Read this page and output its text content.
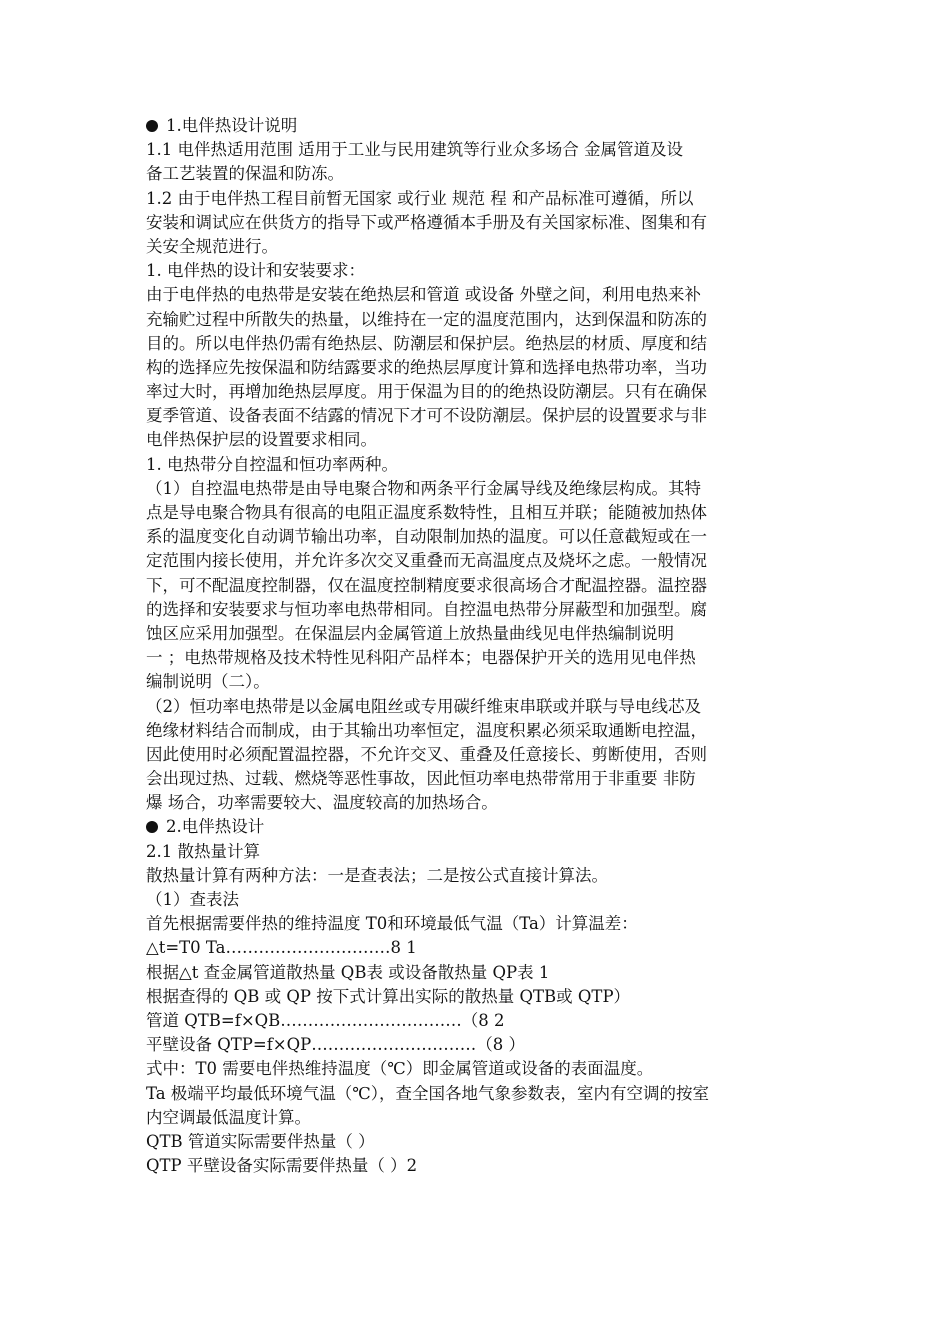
1.电伴热设计说明
1.1 电伴热适用范围 适用于工业与民用建筑等行业众多场合 金属管道及设
备工艺装置的保温和防冻。
1.2 由于电伴热工程目前暂无国家 或行业 规范 程 和产品标准可遵循，所以
安装和调试应在供货方的指导下或严格遵循本手册及有关国家标准、图集和有
关安全规范进行。
1. 电伴热的设计和安装要求：
由于电伴热的电热带是安装在绝热层和管道 或设备 外壁之间，利用电热来补
充输贮过程中所散失的热量，以维持在一定的温度范围内，达到保温和防冻的
目的。所以电伴热仍需有绝热层、防潮层和保护层。绝热层的材质、厚度和结
构的选择应先按保温和防结露要求的绝热层厚度计算和选择电热带功率，当功
率过大时，再增加绝热层厚度。用于保温为目的的绝热设防潮层。只有在确保
夏季管道、设备表面不结露的情况下才可不设防潮层。保护层的设置要求与非
电伴热保护层的设置要求相同。
1. 电热带分自控温和恒功率两种。
（1）自控温电热带是由导电聚合物和两条平行金属导线及绝缘层构成。其特
点是导电聚合物具有很高的电阻正温度系数特性，且相互并联；能随被加热体
系的温度变化自动调节输出功率，自动限制加热的温度。可以任意截短或在一
定范围内接长使用，并允许多次交叉重叠而无高温度点及烧坏之虑。一般情况
下，可不配温度控制器，仅在温度控制精度要求很高场合才配温控器。温控器
的选择和安装要求与恒功率电热带相同。自控温电热带分屏蔽型和加强型。腐
蚀区应采用加强型。在保温层内金属管道上放热量曲线见电伴热编制说明
一 ；电热带规格及技术特性见科阳产品样本；电器保护开关的选用见电伴热
编制说明（二）。
（2）恒功率电热带是以金属电阻丝或专用碳纤维束串联或并联与导电线芯及
绝缘材料结合而制成，由于其输出功率恒定，温度积累必须采取通断电控温，
因此使用时必须配置温控器，不允许交叉、重叠及任意接长、剪断使用，否则
会出现过热、过载、燃烧等恶性事故，因此恒功率电热带常用于非重要 非防
爆 场合，功率需要较大、温度较高的加热场合。
2.电伴热设计
2.1 散热量计算
散热量计算有两种方法：一是查表法；二是按公式直接计算法。
（1）查表法
首先根据需要伴热的维持温度 T0和环境最低气温（Ta）计算温差：
△t=T0 Ta…………………………8 1
根据△t 查金属管道散热量 QB表 或设备散热量 QP表 1
根据查得的 QB 或 QP 按下式计算出实际的散热量 QTB或 QTP）
管道 QTB=f×QB……………………………（8 2
平壁设备 QTP=f×QP…………………………（8 ）
式中：T0 需要电伴热维持温度（℃）即金属管道或设备的表面温度。
Ta 极端平均最低环境气温（℃），查全国各地气象参数表，室内有空调的按室
内空调最低温度计算。
QTB 管道实际需要伴热量（ ）
QTP 平壁设备实际需要伴热量（ ）2
